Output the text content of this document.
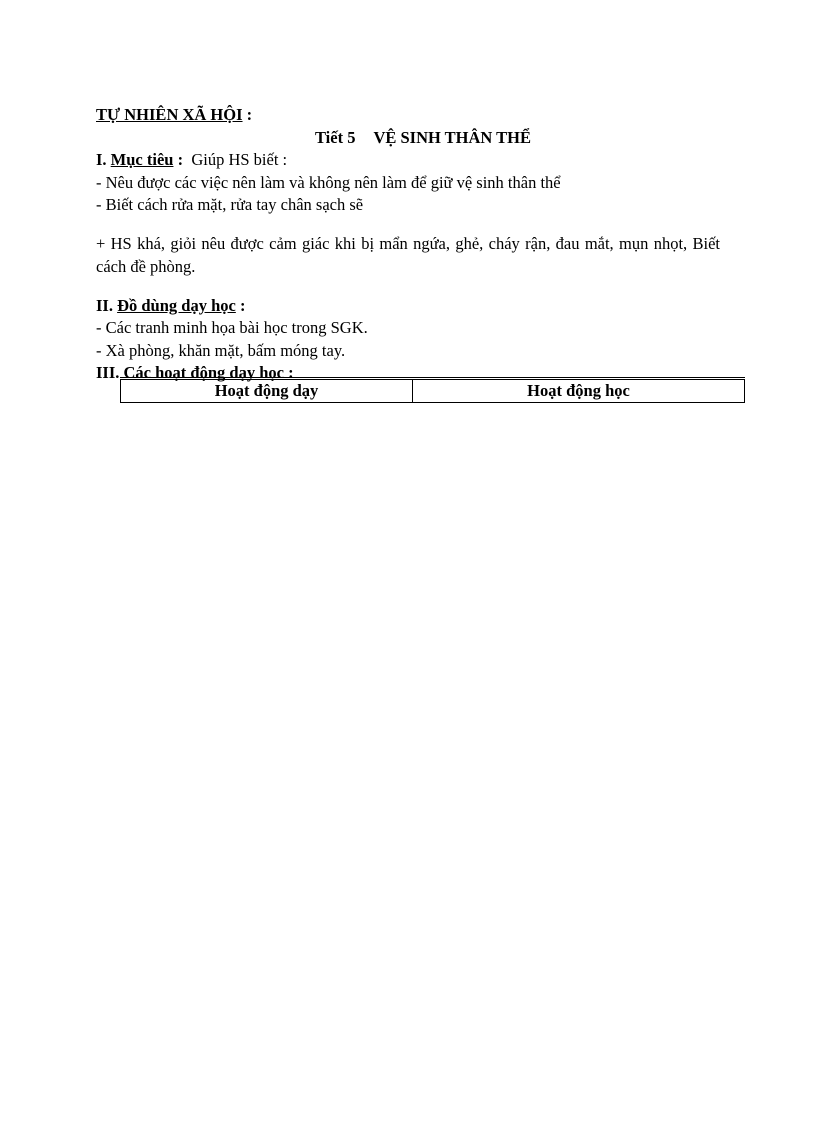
TỰ NHIÊN XÃ HỘI :

Tiết 5 VỆ SINH THÂN THỂ

I. Mục tiêu : Giúp HS biết :

- Nêu được các việc nên làm và không nên làm để giữ vệ sinh thân thể

- Biết cách rửa mặt, rửa tay chân sạch sẽ

+ HS khá, giỏi nêu được cảm giác khi bị mẩn ngứa, ghẻ, cháy rận, đau mắt, mụn nhọt, Biết cách đề phòng.

II. Đồ dùng dạy học :

- Các tranh minh họa bài học trong SGK.

- Xà phòng, khăn mặt, bấm móng tay.

III. Các hoạt động dạy học :

Hoạt động dạy	Hoạt động học
